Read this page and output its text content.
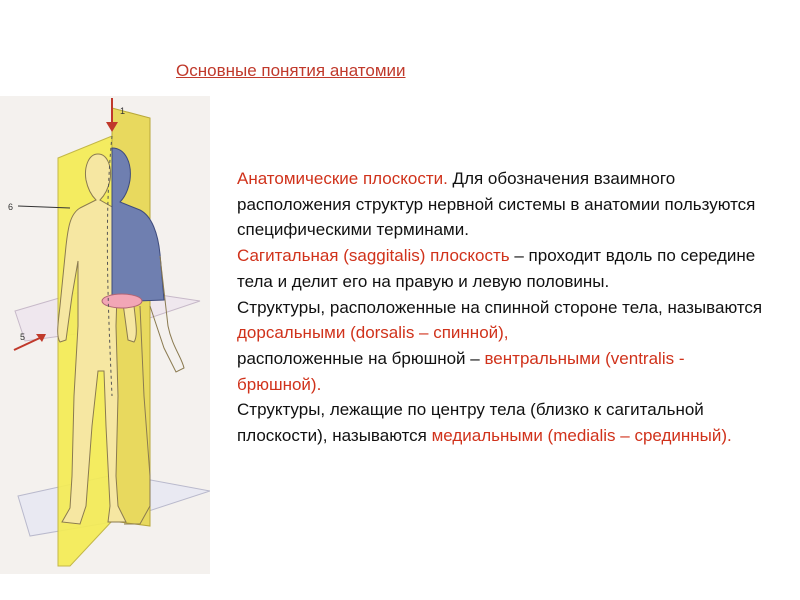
Основные понятия анатомии
1
5
6

Анатомические плоскости. Для обозначения взаимного расположения структур нервной системы в анатомии пользуются специфическими терминами.

Сагитальная (saggitalis) плоскость – проходит вдоль по середине тела и делит его на правую и левую половины.

Структуры, расположенные на спинной стороне тела, называются дорсальными (dorsalis – спинной),

расположенные на брюшной – вентральными (ventralis - брюшной).

Структуры, лежащие по центру тела (близко к сагитальной плоскости), называются медиальными (medialis – срединный).
